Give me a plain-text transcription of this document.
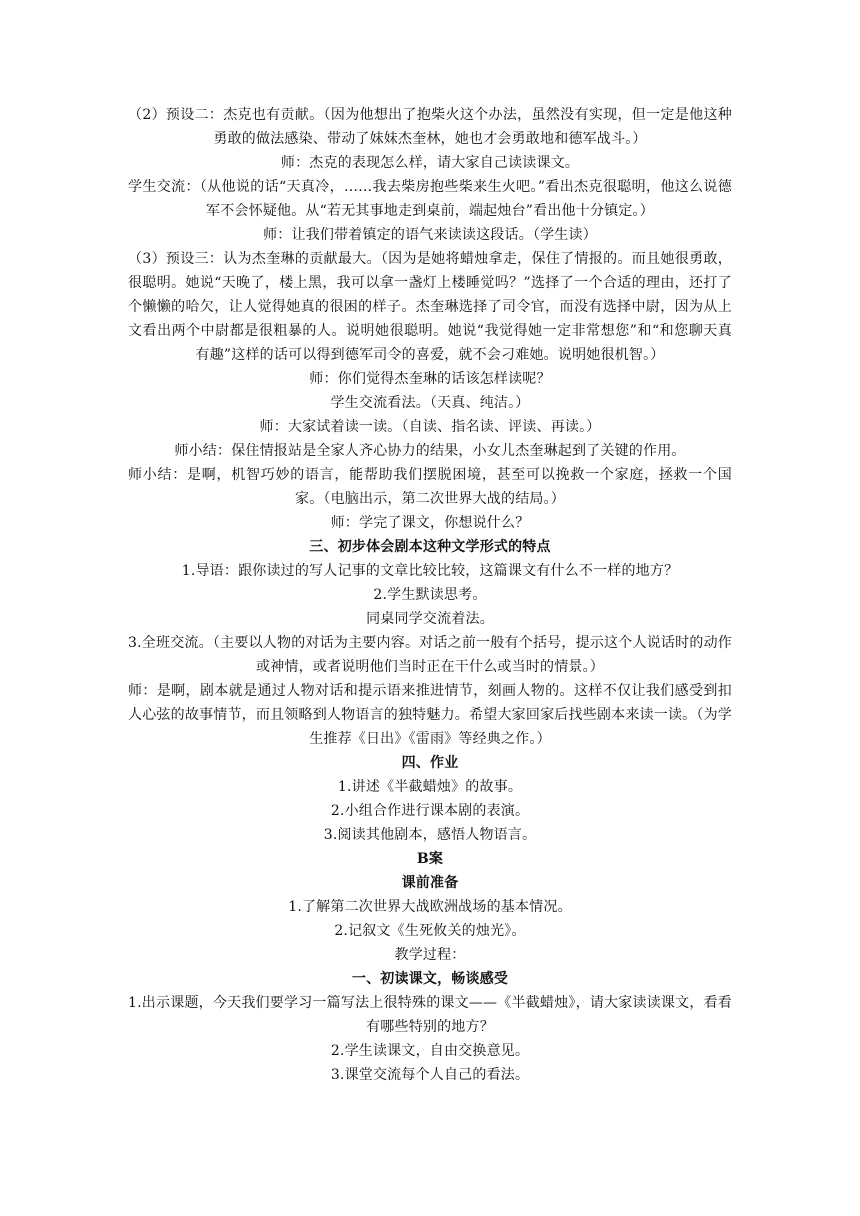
（2）预设二：杰克也有贡献。（因为他想出了抱柴火这个办法，虽然没有实现，但一定是他这种勇敢的做法感染、带动了妹妹杰奎林，她也才会勇敢地和德军战斗。）

师：杰克的表现怎么样，请大家自己读读课文。

学生交流：（从他说的话“天真冷，……我去柴房抱些柴来生火吧。”看出杰克很聪明，他这么说德军不会怀疑他。从“若无其事地走到桌前，端起烛台”看出他十分镇定。）

师：让我们带着镇定的语气来读读这段话。（学生读）

（3）预设三：认为杰奎琳的贡献最大。（因为是她将蜡烛拿走，保住了情报的。而且她很勇敢，很聪明。她说“天晚了，楼上黑，我可以拿一盏灯上楼睡觉吗？”选择了一个合适的理由，还打了个懒懒的哈欠，让人觉得她真的很困的样子。杰奎琳选择了司令官，而没有选择中尉，因为从上文看出两个中尉都是很粗暴的人。说明她很聪明。她说“我觉得她一定非常想您”和“和您聊天真有趣”这样的话可以得到德军司令的喜爱，就不会刁难她。说明她很机智。）

师：你们觉得杰奎琳的话该怎样读呢？

学生交流看法。（天真、纯洁。）

师：大家试着读一读。（自读、指名读、评读、再读。）

师小结：保住情报站是全家人齐心协力的结果，小女儿杰奎琳起到了关键的作用。

师小结：是啊，机智巧妙的语言，能帮助我们摆脱困境，甚至可以挽救一个家庭，拯救一个国家。（电脑出示，第二次世界大战的结局。）

师：学完了课文，你想说什么？

三、初步体会剧本这种文学形式的特点

1.导语：跟你读过的写人记事的文章比较比较，这篇课文有什么不一样的地方？

2.学生默读思考。

同桌同学交流着法。

3.全班交流。（主要以人物的对话为主要内容。对话之前一般有个括号，提示这个人说话时的动作或神情，或者说明他们当时正在干什么或当时的情景。）

师：是啊，剧本就是通过人物对话和提示语来推进情节，刻画人物的。这样不仅让我们感受到扣人心弦的故事情节，而且领略到人物语言的独特魅力。希望大家回家后找些剧本来读一读。（为学生推荐《日出》《雷雨》等经典之作。）

四、作业

1.讲述《半截蜡烛》的故事。

2.小组合作进行课本剧的表演。

3.阅读其他剧本，感悟人物语言。

B案

课前准备

1.了解第二次世界大战欧洲战场的基本情况。

2.记叙文《生死攸关的烛光》。

教学过程：

一、初读课文，畅谈感受

1.出示课题，今天我们要学习一篇写法上很特殊的课文——《半截蜡烛》，请大家读读课文，看看有哪些特别的地方？

2.学生读课文，自由交换意见。

3.课堂交流每个人自己的看法。
